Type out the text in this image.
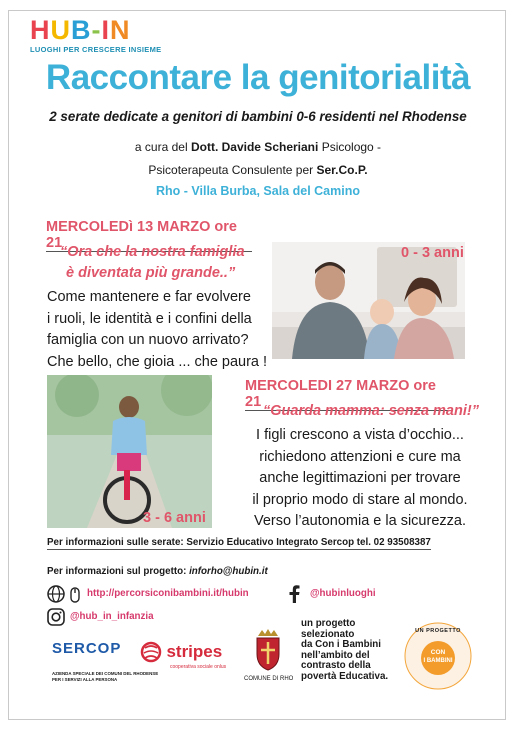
HUB-IN
LUOGHI PER CRESCERE INSIEME
Raccontare la genitorialità
2 serate dedicate a genitori di bambini 0-6 residenti nel Rhodense
a cura del Dott. Davide Scheriani Psicologo -
Psicoterapeuta Consulente per Ser.Co.P.
Rho - Villa Burba, Sala del Camino
MERCOLEDì 13 MARZO ore 21
“Ora che la nostra famiglia
è diventata più grande..”
Come mantenere e far evolvere
i ruoli, le identità e i confini della
famiglia con un nuovo arrivato?
Che bello, che gioia ... che paura !
0 - 3 anni
3 - 6 anni
MERCOLEDI 27 MARZO ore 21
“Guarda mamma: senza mani!”
I figli crescono a vista d’occhio...
richiedono attenzioni e cure ma
anche legittimazioni per trovare
il proprio modo di stare al mondo.
Verso l’autonomia e la sicurezza.
Per informazioni sulle serate: Servizio Educativo Integrato Sercop tel. 02 93508387
Per informazioni sul progetto: inforho@hubin.it
http://percorsiconibambini.it/hubin	@hubinluoghi
@hub_in_infanzia
SERCOP
AZIENDA SPECIALE DEI COMUNI DEL RHODENSE
PER I SERVIZI ALLA PERSONA
stripes
cooperativa sociale onlus
COMUNE DI RHO
un progetto
selezionato
da Con i Bambini
nell’ambito del
contrasto della
povertà Educativa.
UN PROGETTO
CON
I BAMBINI
